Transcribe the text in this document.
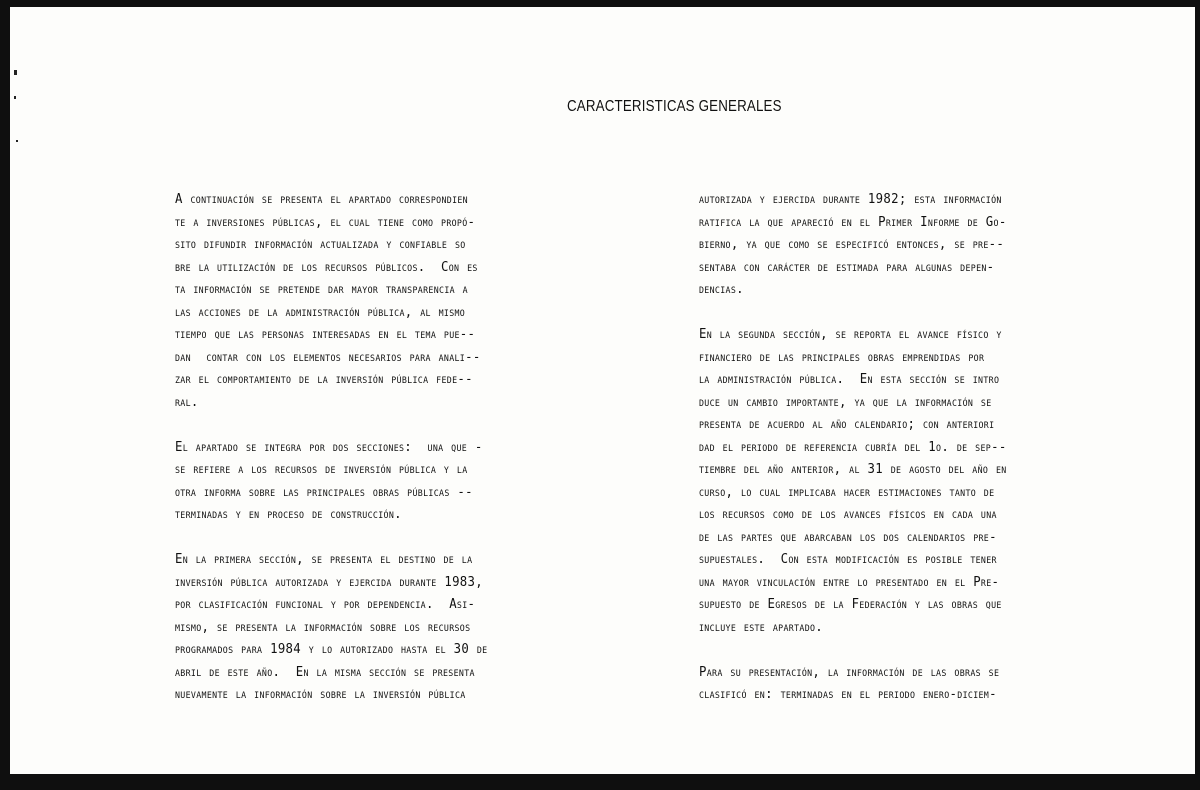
CARACTERISTICAS GENERALES
A continuación se presenta el apartado correspondien
te a inversiones públicas, el cual tiene como propó-
sito difundir información actualizada y confiable so
bre la utilización de los recursos públicos.  Con es
ta información se pretende dar mayor transparencia a
las acciones de la administración pública, al mismo
tiempo que las personas interesadas en el tema pue--
dan  contar con los elementos necesarios para anali--
zar el comportamiento de la inversión pública fede--
ral.
El apartado se integra por dos secciones:  una que -
se refiere a los recursos de inversión pública y la
otra informa sobre las principales obras públicas --
terminadas y en proceso de construcción.
En la primera sección, se presenta el destino de la
inversión pública autorizada y ejercida durante 1983,
por clasificación funcional y por dependencia.  Asi-
mismo, se presenta la información sobre los recursos
programados para 1984 y lo autorizado hasta el 30 de
abril de este año.  En la misma sección se presenta
nuevamente la información sobre la inversión pública
autorizada y ejercida durante 1982; esta información
ratifica la que apareció en el Primer Informe de Go-
bierno, ya que como se especificó entonces, se pre--
sentaba con carácter de estimada para algunas depen-
dencias.
En la segunda sección, se reporta el avance físico y
financiero de las principales obras emprendidas por
la administración pública.  En esta sección se intro
duce un cambio importante, ya que la información se
presenta de acuerdo al año calendario; con anteriori
dad el periodo de referencia cubría del 1o. de sep--
tiembre del año anterior, al 31 de agosto del año en
curso, lo cual implicaba hacer estimaciones tanto de
los recursos como de los avances físicos en cada una
de las partes que abarcaban los dos calendarios pre-
supuestales.  Con esta modificación es posible tener
una mayor vinculación entre lo presentado en el Pre-
supuesto de Egresos de la Federación y las obras que
incluye este apartado.
Para su presentación, la información de las obras se
clasificó en: terminadas en el periodo enero-diciem-
